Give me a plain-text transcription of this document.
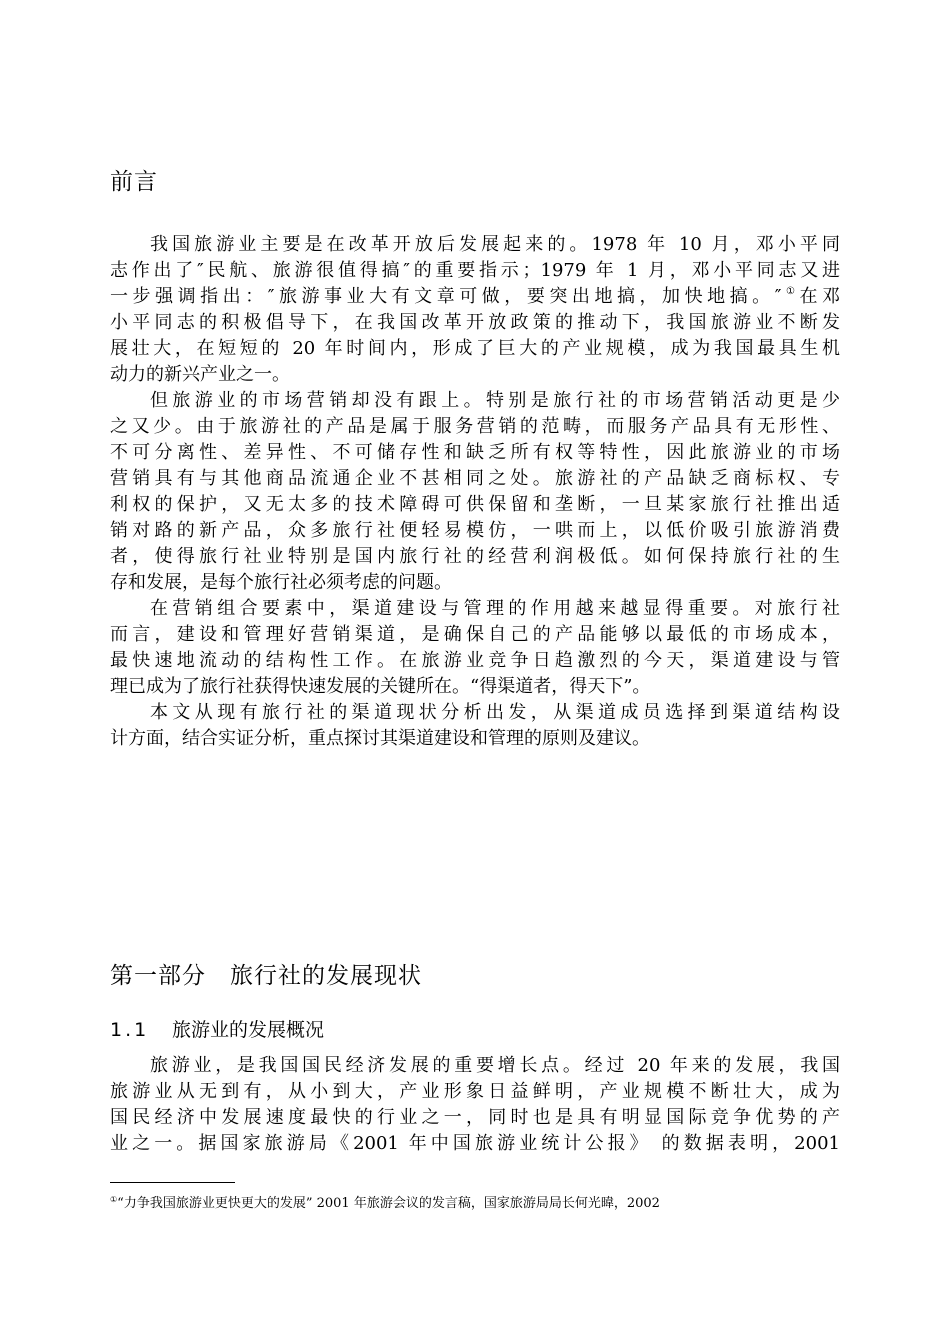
前言
我国旅游业主要是在改革开放后发展起来的。1978 年 10 月，邓小平同
志作出了″民航、旅游很值得搞″的重要指示；1979 年 1 月，邓小平同志又进
一步强调指出：″旅游事业大有文章可做，要突出地搞，加快地搞。″①在邓
小平同志的积极倡导下，在我国改革开放政策的推动下，我国旅游业不断发
展壮大，在短短的 20 年时间内，形成了巨大的产业规模，成为我国最具生机
动力的新兴产业之一。
但旅游业的市场营销却没有跟上。特别是旅行社的市场营销活动更是少
之又少。由于旅游社的产品是属于服务营销的范畴，而服务产品具有无形性、
不可分离性、差异性、不可储存性和缺乏所有权等特性，因此旅游业的市场
营销具有与其他商品流通企业不甚相同之处。旅游社的产品缺乏商标权、专
利权的保护，又无太多的技术障碍可供保留和垄断，一旦某家旅行社推出适
销对路的新产品，众多旅行社便轻易模仿，一哄而上，以低价吸引旅游消费
者，使得旅行社业特别是国内旅行社的经营利润极低。如何保持旅行社的生
存和发展，是每个旅行社必须考虑的问题。
在营销组合要素中，渠道建设与管理的作用越来越显得重要。对旅行社
而言，建设和管理好营销渠道，是确保自己的产品能够以最低的市场成本，
最快速地流动的结构性工作。在旅游业竞争日趋激烈的今天，渠道建设与管
理已成为了旅行社获得快速发展的关键所在。“得渠道者，得天下”。
本文从现有旅行社的渠道现状分析出发，从渠道成员选择到渠道结构设
计方面，结合实证分析，重点探讨其渠道建设和管理的原则及建议。
第一部分　旅行社的发展现状
1.1 旅游业的发展概况
旅游业，是我国国民经济发展的重要增长点。经过 20 年来的发展，我国
旅游业从无到有，从小到大，产业形象日益鲜明，产业规模不断壮大，成为
国民经济中发展速度最快的行业之一，同时也是具有明显国际竞争优势的产
业之一。据国家旅游局《2001 年中国旅游业统计公报》 的数据表明，2001
①“力争我国旅游业更快更大的发展” 2001 年旅游会议的发言稿，国家旅游局局长何光暐，2002
